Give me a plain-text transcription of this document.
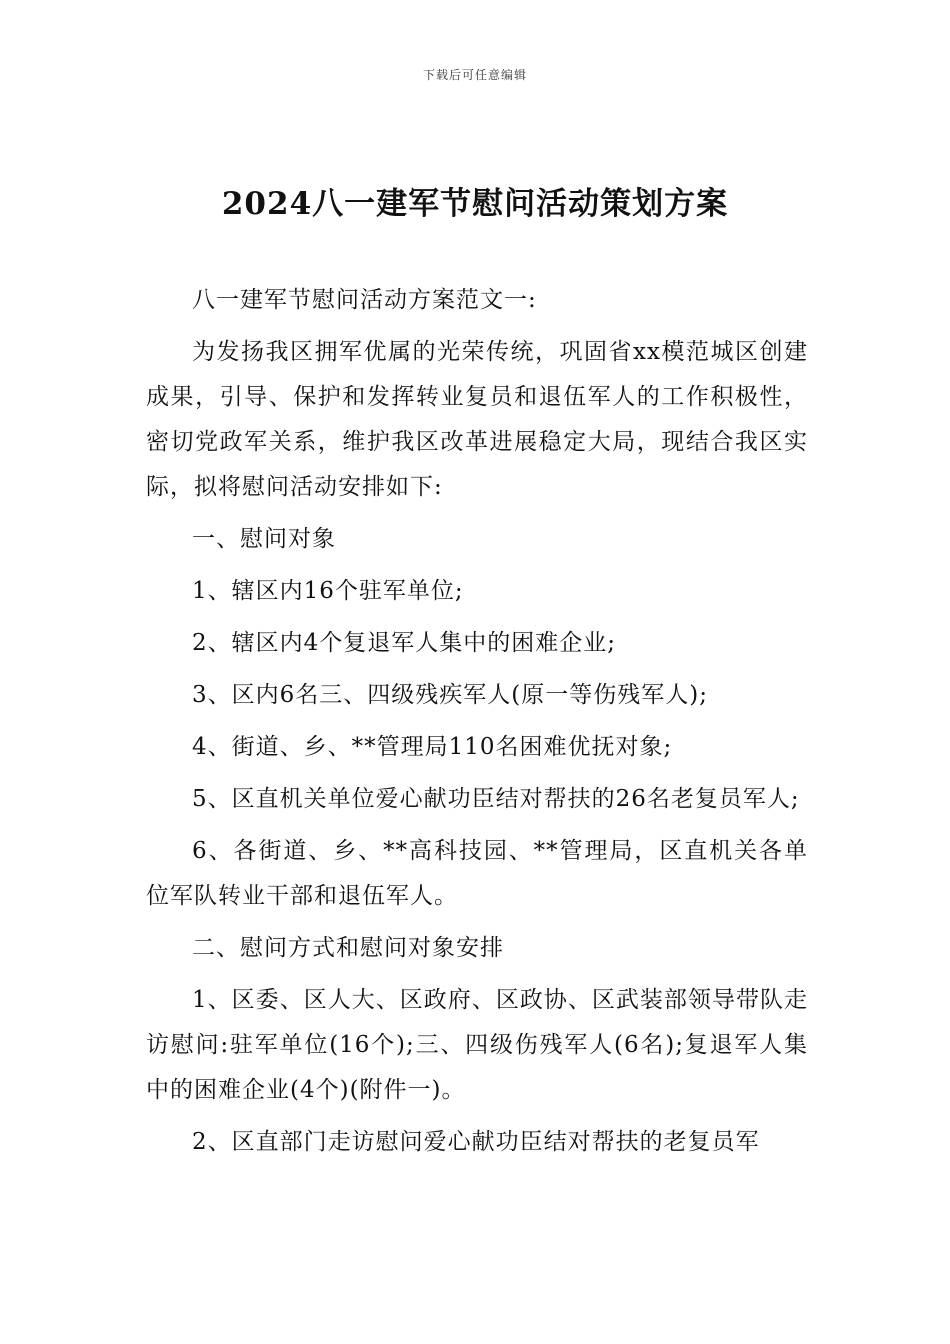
下载后可任意编辑
2024八一建军节慰问活动策划方案

八一建军节慰问活动方案范文一:

为发扬我区拥军优属的光荣传统，巩固省xx模范城区创建成果，引导、保护和发挥转业复员和退伍军人的工作积极性，密切党政军关系，维护我区改革进展稳定大局，现结合我区实际，拟将慰问活动安排如下:

一、慰问对象

1、辖区内16个驻军单位;

2、辖区内4个复退军人集中的困难企业;

3、区内6名三、四级残疾军人(原一等伤残军人);

4、街道、乡、**管理局110名困难优抚对象;

5、区直机关单位爱心献功臣结对帮扶的26名老复员军人;

6、各街道、乡、**高科技园、**管理局，区直机关各单位军队转业干部和退伍军人。

二、慰问方式和慰问对象安排

1、区委、区人大、区政府、区政协、区武装部领导带队走访慰问:驻军单位(16个);三、四级伤残军人(6名);复退军人集中的困难企业(4个)(附件一)。

2、区直部门走访慰问爱心献功臣结对帮扶的老复员军
